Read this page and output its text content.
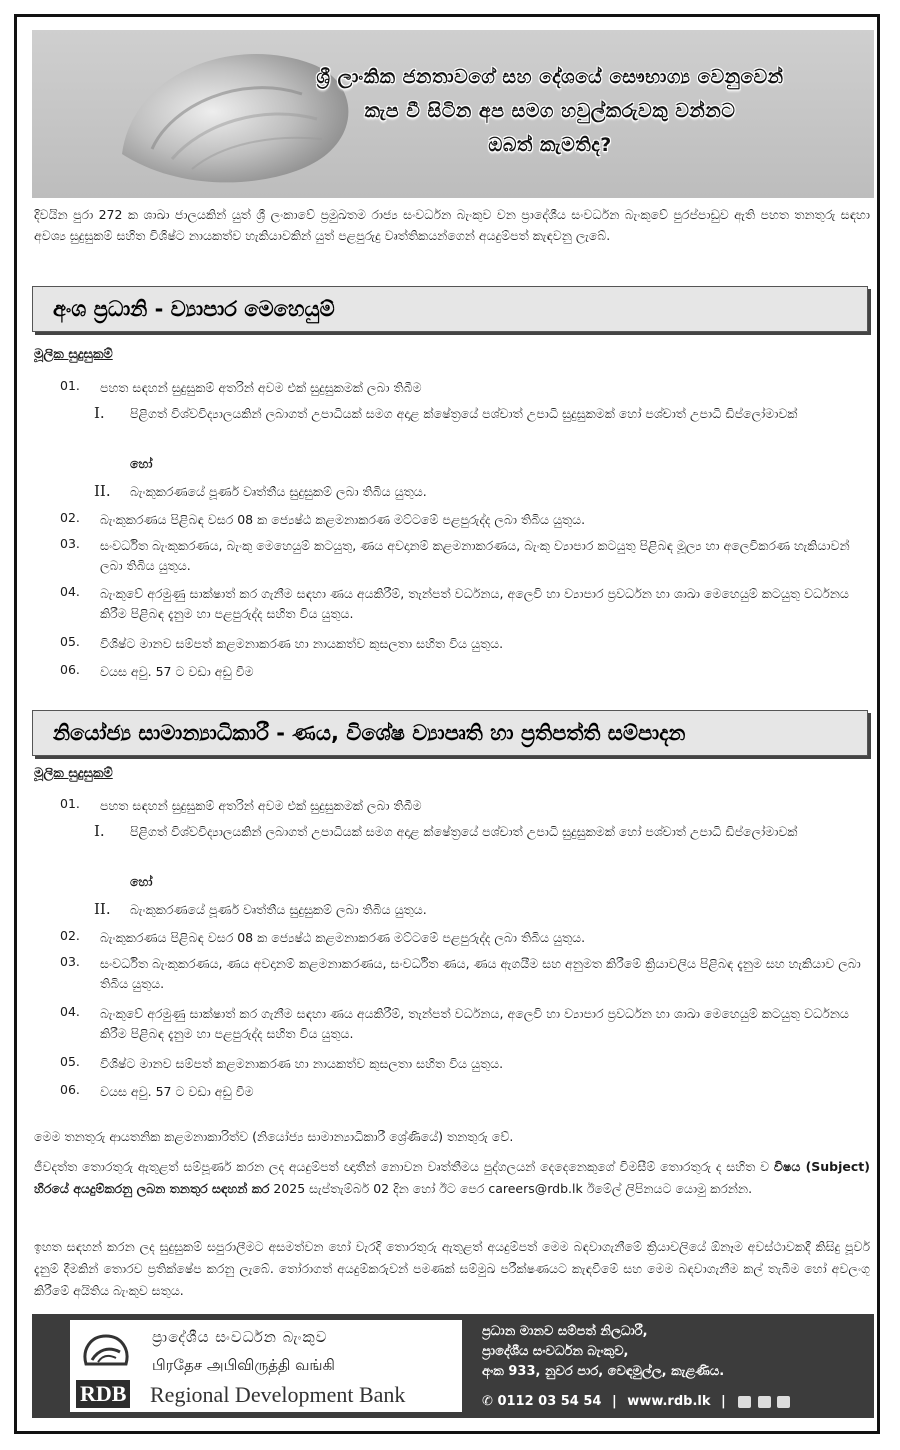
ශ්‍රී ලාංකික ජනතාවගේ සහ දේශයේ සෞභාග්‍ය වෙනුවෙන්
කැප වී සිටින අප සමග හවුල්කරුවකු වන්නට
ඔබත් කැමතිද?
දිවයින පුරා 272 ක ශාඛා ජාලයකින් යුත් ශ්‍රී ලංකාවේ ප්‍රමුඛතම රාජ්‍ය සංවර්ධන බැංකුව වන ප්‍රාදේශීය සංවර්ධන බැංකුවේ පුරප්පාඩුව ඇති පහත තනතුරු සඳහා අවශ්‍ය සුදුසුකම් සහිත විශිෂ්ට නායකත්ව හැකියාවකින් යුත් පළපුරුදු වෘත්තිකයන්ගෙන් අයදුම්පත් කැඳවනු ලැබේ.
අංශ ප්‍රධානි - ව්‍යාපාර මෙහෙයුම්
මූලික සුදුසුකම්
01. පහත සඳහන් සුදුසුකම් අතරින් අවම එක් සුදුසුකමක් ලබා තිබීම
I. පිළිගත් විශ්වවිද්‍යාලයකින් ලබාගත් උපාධියක් සමග අදාළ ක්ෂේත්‍රයේ පශ්චාත් උපාධි සුදුසුකමක් හෝ පශ්චාත් උපාධි ඩිප්ලෝමාවක්
හෝ
II. බැංකුකරණයේ පූර්ණ වෘත්තීය සුදුසුකම් ලබා තිබිය යුතුය.
02. බැංකුකරණය පිළිබඳ වසර 08 ක ජ්‍යෙෂ්ඨ කළමනාකරණ මට්ටමේ පළපුරුද්ද ලබා තිබිය යුතුය.
03. සංවර්ධිත බැංකුකරණය, බැංකු මෙහෙයුම් කටයුතු, ණය අවදානම් කළමනාකරණය, බැංකු ව්‍යාපාර කටයුතු පිළිබඳ මූල්‍ය හා අලෙවිකරණ හැකියාවන් ලබා තිබිය යුතුය.
04. බැංකුවේ අරමුණු සාක්ෂාත් කර ගැනීම සඳහා ණය අයකිරීම්, තැන්පත් වර්ධනය, අලෙවි හා ව්‍යාපාර ප්‍රවර්ධන හා ශාඛා මෙහෙයුම් කටයුතු වර්ධනය කිරීම පිළිබඳ දැනුම හා පළපුරුද්ද සහිත විය යුතුය.
05. විශිෂ්ට මානව සම්පත් කළමනාකරණ හා නායකත්ව කුසලතා සහිත විය යුතුය.
06. වයස අවු. 57 ට වඩා අඩු වීම
නියෝජ්‍ය සාමාන්‍යාධිකාරී - ණය, විශේෂ ව්‍යාපෘති හා ප්‍රතිපත්ති සම්පාදන
මූලික සුදුසුකම්
01. පහත සඳහන් සුදුසුකම් අතරින් අවම එක් සුදුසුකමක් ලබා තිබීම
I. පිළිගත් විශ්වවිද්‍යාලයකින් ලබාගත් උපාධියක් සමග අදාළ ක්ෂේත්‍රයේ පශ්චාත් උපාධි සුදුසුකමක් හෝ පශ්චාත් උපාධි ඩිප්ලෝමාවක්
හෝ
II. බැංකුකරණයේ පූර්ණ වෘත්තීය සුදුසුකම් ලබා තිබිය යුතුය.
02. බැංකුකරණය පිළිබඳ වසර 08 ක ජ්‍යෙෂ්ඨ කළමනාකරණ මට්ටමේ පළපුරුද්ද ලබා තිබිය යුතුය.
03. සංවර්ධිත බැංකුකරණය, ණය අවදානම් කළමනාකරණය, සංවර්ධිත ණය, ණය ඇගයීම සහ අනුමත කිරීමේ ක්‍රියාවලිය පිළිබඳ දැනුම සහ හැකියාව ලබා තිබිය යුතුය.
04. බැංකුවේ අරමුණු සාක්ෂාත් කර ගැනීම සඳහා ණය අයකිරීම්, තැන්පත් වර්ධනය, අලෙවි හා ව්‍යාපාර ප්‍රවර්ධන හා ශාඛා මෙහෙයුම් කටයුතු වර්ධනය කිරීම පිළිබඳ දැනුම හා පළපුරුද්ද සහිත විය යුතුය.
05. විශිෂ්ට මානව සම්පත් කළමනාකරණ හා නායකත්ව කුසලතා සහිත විය යුතුය.
06. වයස අවු. 57 ට වඩා අඩු වීම
මෙම තනතුරු ආයතනික කළමනාකාරිත්ව (නියෝජ්‍ය සාමාන්‍යාධිකාරී ශ්‍රේණියේ) තනතුරු වේ.
ජීවදත්ත තොරතුරු ඇතුළත් සම්පූර්ණ කරන ලද අයදුම්පත් ඥාතීන් නොවන වෘත්තීමය පුද්ගලයන් දෙදෙනෙකුගේ විමසීම් තොරතුරු ද සහිත ව විෂය (Subject) හිරයේ අයදුම්කරනු ලබන තනතුර සඳහන් කර 2025 සැප්තැම්බර් 02 දින හෝ ඊට පෙර careers@rdb.lk ඊමේල් ලිපිනයට යොමු කරන්න.
ඉහත සඳහන් කරන ලද සුදුසුකම් සපුරාලීමට අසමත්වන හෝ වැරදි තොරතුරු ඇතුළත් අයදුම්පත් මෙම බඳවාගැනීමේ ක්‍රියාවලියේ ඕනෑම අවස්ථාවකදී කිසිදු පූර්ව දැනුම් දීමකින් තොරව ප්‍රතික්ෂේප කරනු ලැබේ. තෝරාගත් අයදුම්කරුවන් පමණක් සම්මුඛ පරීක්ෂණයට කැඳවීමේ සහ මෙම බඳවාගැනීම කල් තැබීම හෝ අවලංගු කිරීමේ අයිතිය බැංකුව සතුය.
RDB
ප්‍රාදේශීය සංවර්ධන බැංකුව
பிரதேச அபிவிருத்தி வங்கி
Regional Development Bank
ප්‍රධාන මානව සම්පත් නිලධාරී,
ප්‍රාදේශීය සංවර්ධන බැංකුව,
අංක 933, නුවර පාර, වෙඳමුල්ල, කැළණිය.
✆ 0112 03 54 54 | www.rdb.lk |
